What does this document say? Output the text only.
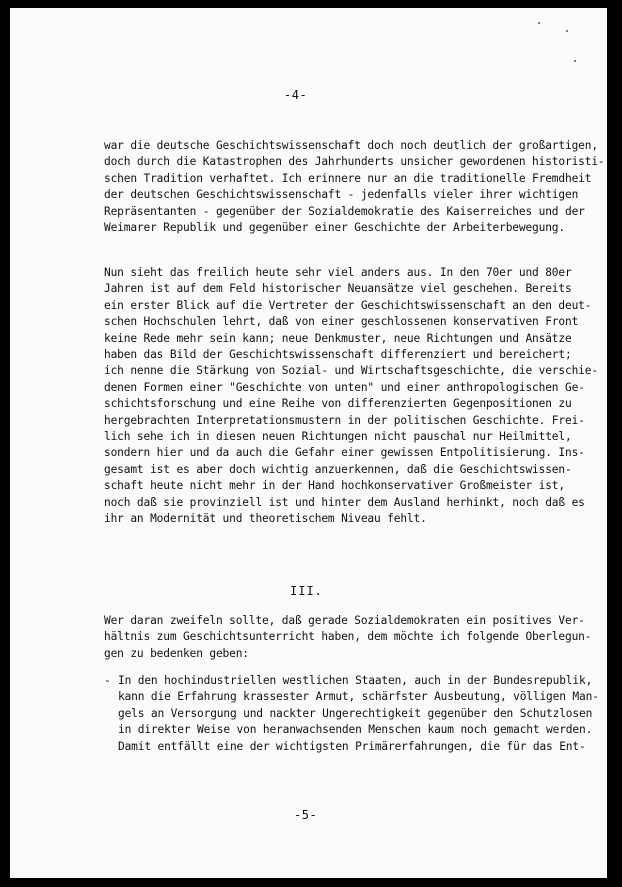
-4-

war die deutsche Geschichtswissenschaft doch noch deutlich der großartigen,
doch durch die Katastrophen des Jahrhunderts unsicher gewordenen historisti-
schen Tradition verhaftet. Ich erinnere nur an die traditionelle Fremdheit
der deutschen Geschichtswissenschaft - jedenfalls vieler ihrer wichtigen
Repräsentanten - gegenüber der Sozialdemokratie des Kaiserreiches und der
Weimarer Republik und gegenüber einer Geschichte der Arbeiterbewegung.

Nun sieht das freilich heute sehr viel anders aus. In den 70er und 80er
Jahren ist auf dem Feld historischer Neuansätze viel geschehen. Bereits
ein erster Blick auf die Vertreter der Geschichtswissenschaft an den deut-
schen Hochschulen lehrt, daß von einer geschlossenen konservativen Front
keine Rede mehr sein kann; neue Denkmuster, neue Richtungen und Ansätze
haben das Bild der Geschichtswissenschaft differenziert und bereichert;
ich nenne die Stärkung von Sozial- und Wirtschaftsgeschichte, die verschie-
denen Formen einer "Geschichte von unten" und einer anthropologischen Ge-
schichtsforschung und eine Reihe von differenzierten Gegenpositionen zu
hergebrachten Interpretationsmustern in der politischen Geschichte. Frei-
lich sehe ich in diesen neuen Richtungen nicht pauschal nur Heilmittel,
sondern hier und da auch die Gefahr einer gewissen Entpolitisierung. Ins-
gesamt ist es aber doch wichtig anzuerkennen, daß die Geschichtswissen-
schaft heute nicht mehr in der Hand hochkonservativer Großmeister ist,
noch daß sie provinziell ist und hinter dem Ausland herhinkt, noch daß es
ihr an Modernität und theoretischem Niveau fehlt.

III.

Wer daran zweifeln sollte, daß gerade Sozialdemokraten ein positives Ver-
hältnis zum Geschichtsunterricht haben, dem möchte ich folgende Oberlegun-
gen zu bedenken geben:

- In den hochindustriellen westlichen Staaten, auch in der Bundesrepublik,
kann die Erfahrung krassester Armut, schärfster Ausbeutung, völligen Man-
gels an Versorgung und nackter Ungerechtigkeit gegenüber den Schutzlosen
in direkter Weise von heranwachsenden Menschen kaum noch gemacht werden.
Damit entfällt eine der wichtigsten Primärerfahrungen, die für das Ent-

-5-
